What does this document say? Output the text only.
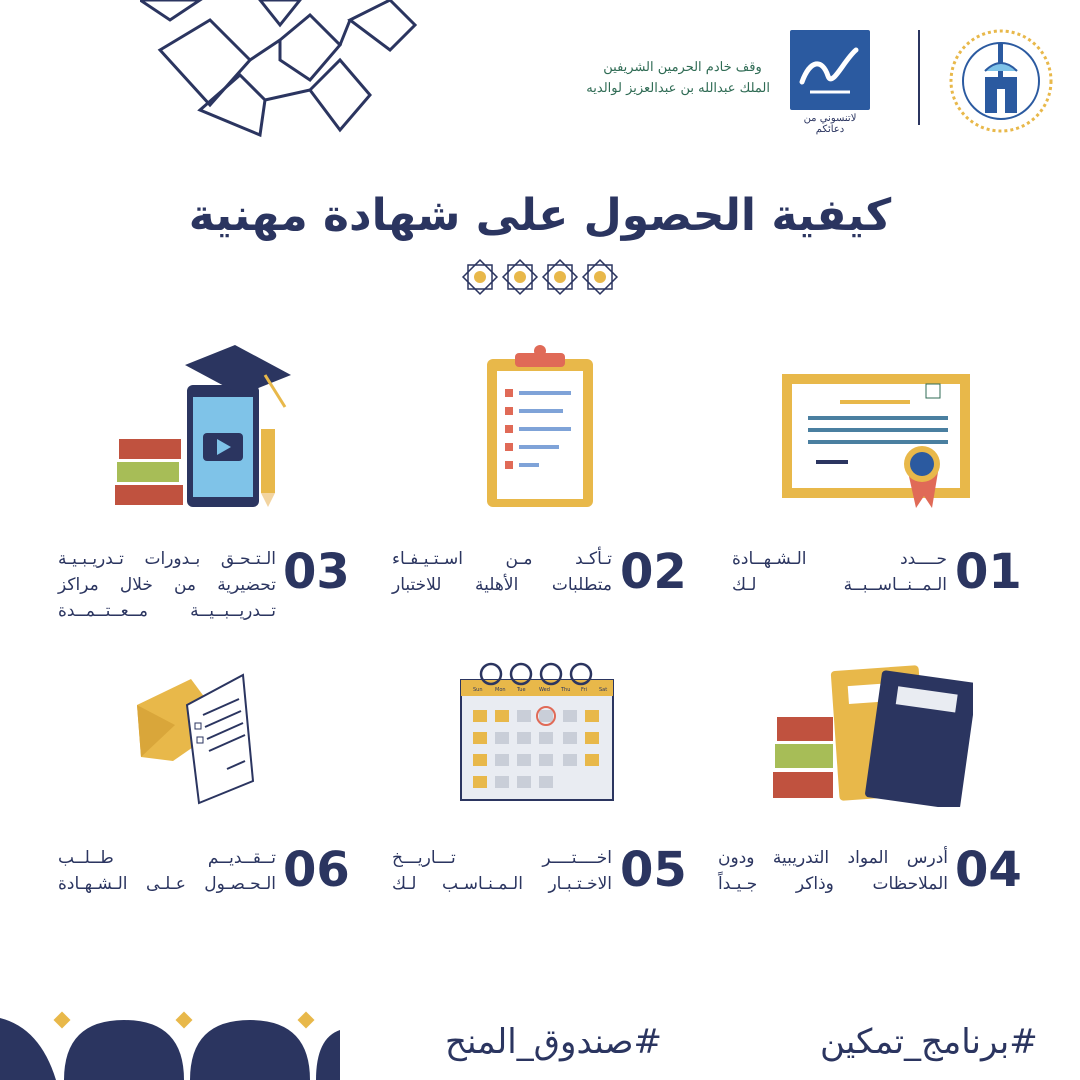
وقف خادم الحرمين الشريفين
الملك عبدالله بن عبدالعزيز لوالديه
لاتنسوني من دعائكم
كيفية الحصول على شهادة مهنية
Sun Mon Tue	Wed Thu Fri Sat
01
حــــدد الـشـهــادة
الـمــنــاســبــة لـك
02
تـأكـد مـن اسـتـيـفـاء
متطلبات الأهلية للاختبار
03
الـتـحـق بـدورات تـدريـبـيـة
تحضيرية من خلال مراكز
تــدريــبــيــة مــعــتــمــدة
04
أدرس المواد التدريبية ودون
الملاحظات وذاكر جـيـداً
05
اخــــتــــر تـــاريـــخ
الاخـتـبـار الـمـنـاسـب لـك
06
تــقــديــم طــلــب
الـحـصـول عـلـى الـشـهـادة
#برنامج_تمكين
#صندوق_المنح
